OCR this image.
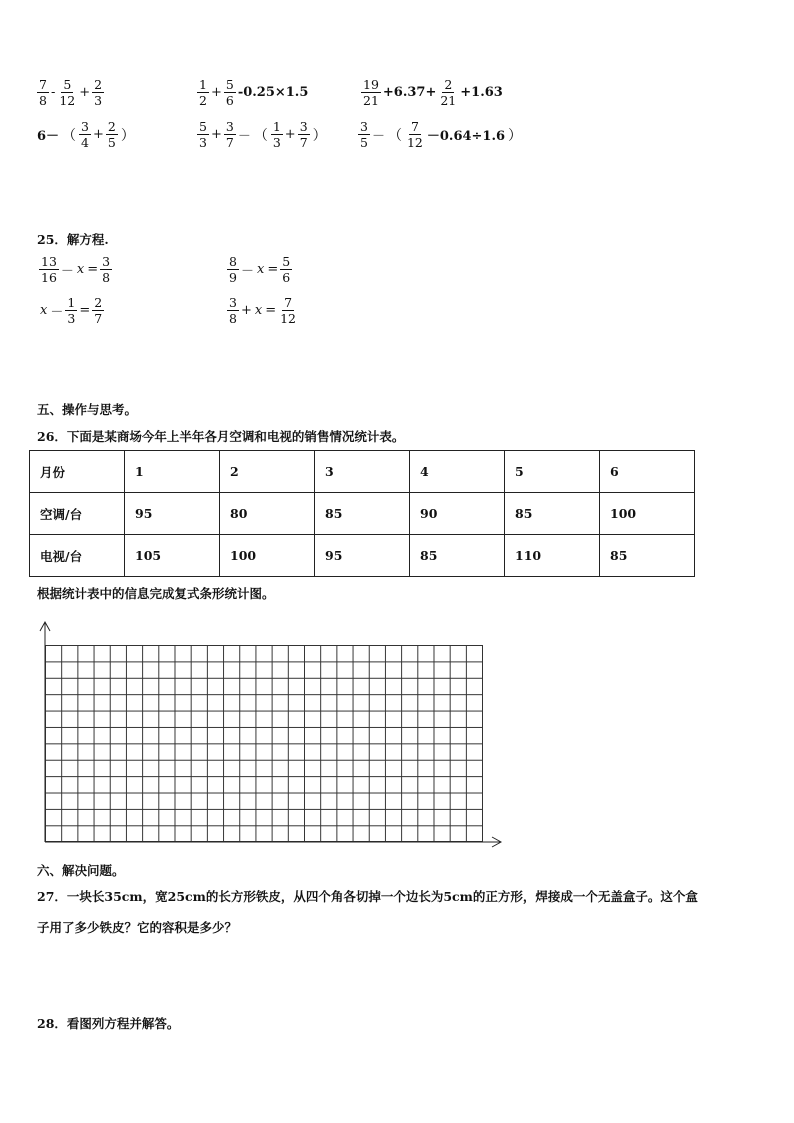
$\frac{7}{8} - \frac{5}{12} + \frac{2}{3}$	$\frac{1}{2} + \frac{5}{6} -0.25\times 1.5$	$\frac{19}{21} +6.37+ \frac{2}{21} +1.63$
6－ （ $\frac{3}{4} + \frac{2}{5}$ ）	$\frac{5}{3} + \frac{3}{7}$ － （ $\frac{1}{3} + \frac{3}{7}$ ）	$\frac{3}{5}$ － （ $\frac{7}{12} -0.64\div 1.6$ ）
25．解方程.
$\frac{13}{16} - x = \frac{3}{8}$	$\frac{8}{9} - x = \frac{5}{6}$
$x - \frac{1}{3} = \frac{2}{7}$	$\frac{3}{8} + x = \frac{7}{12}$
五、操作与思考。
26．下面是某商场今年上半年各月空调和电视的销售情况统计表。
月份	1	2	3	4	5	6
空调/台	95	80	85	90	85	100
电视/台	105	100	95	85	110	85
根据统计表中的信息完成复式条形统计图。
六、解决问题。
27．一块长35cm，宽25cm的长方形铁皮，从四个角各切掉一个边长为5cm的正方形，焊接成一个无盖盒子。这个盒
子用了多少铁皮？它的容积是多少？
28．看图列方程并解答。
